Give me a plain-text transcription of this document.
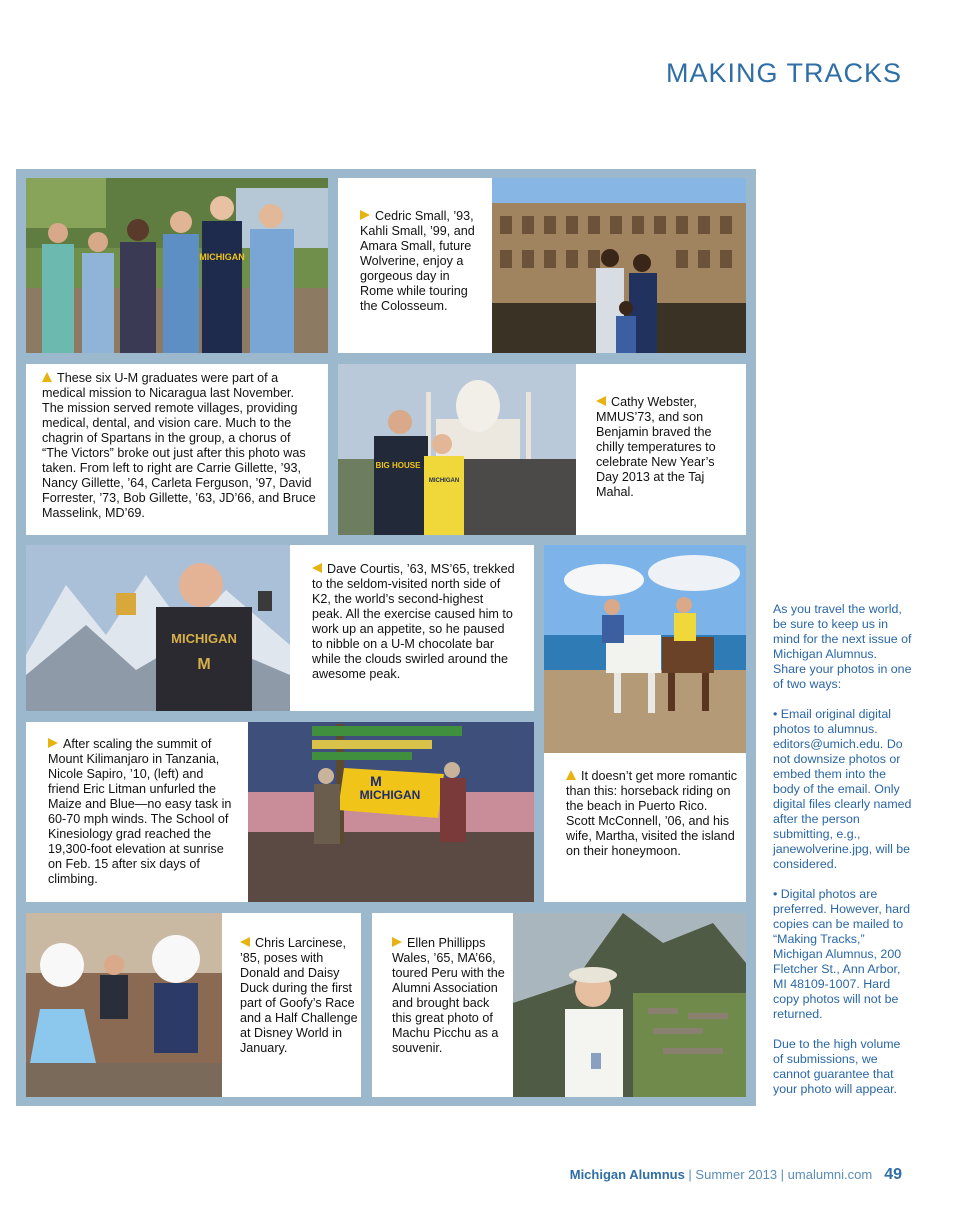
MAKING TRACKS
MICHIGAN
Cedric Small, ’93, Kahli Small, ’99, and Amara Small, future Wolverine, enjoy a gorgeous day in Rome while touring the Colosseum.
These six U-M graduates were part of a medical mission to Nicaragua last November. The mission served remote villages, providing medical, dental, and vision care. Much to the chagrin of Spartans in the group, a chorus of “The Victors” broke out just after this photo was taken. From left to right are Carrie Gillette, ’93, Nancy Gillette, ’64, Carleta Ferguson, ’97, David Forrester, ’73, Bob Gillette, ’63, JD’66, and Bruce Masselink, MD’69.
BIG HOUSE
MICHIGAN
Cathy Webster, MMUS’73, and son Benjamin braved the chilly temperatures to celebrate New Year’s Day 2013 at the Taj Mahal.
MICHIGAN
M
Dave Courtis, ’63, MS’65, trekked to the seldom-visited north side of K2, the world’s second-highest peak. All the exercise caused him to work up an appetite, so he paused to nibble on a U-M chocolate bar while the clouds swirled around the awesome peak.
It doesn’t get more romantic than this: horseback riding on the beach in Puerto Rico. Scott McConnell, ’06, and his wife, Martha, visited the island on their honeymoon.
After scaling the summit of Mount Kilimanjaro in Tanzania, Nicole Sapiro, ’10, (left) and friend Eric Litman unfurled the Maize and Blue—no easy task in 60-70 mph winds. The School of Kinesiology grad reached the 19,300-foot elevation at sunrise on Feb. 15 after six days of climbing.
MICHIGAN
M
Chris Larcinese, ’85, poses with Donald and Daisy Duck during the first part of Goofy’s Race and a Half Challenge at Disney World in January.
Ellen Phillipps Wales, ’65, MA’66, toured Peru with the Alumni Association and brought back this great photo of Machu Picchu as a souvenir.

As you travel the world, be sure to keep us in mind for the next issue of Michigan Alumnus. Share your photos in one of two ways:

• Email original digital photos to alumnus. editors@umich.edu. Do not downsize photos or embed them into the body of the email. Only digital files clearly named after the person submitting, e.g., janewolverine.jpg, will be considered.

• Digital photos are preferred. However, hard copies can be mailed to “Making Tracks,” Michigan Alumnus, 200 Fletcher St., Ann Arbor, MI 48109-1007. Hard copy photos will not be returned.

Due to the high volume of submissions, we cannot guarantee that your photo will appear.

Michigan Alumnus | Summer 2013 | umalumni.com 49
